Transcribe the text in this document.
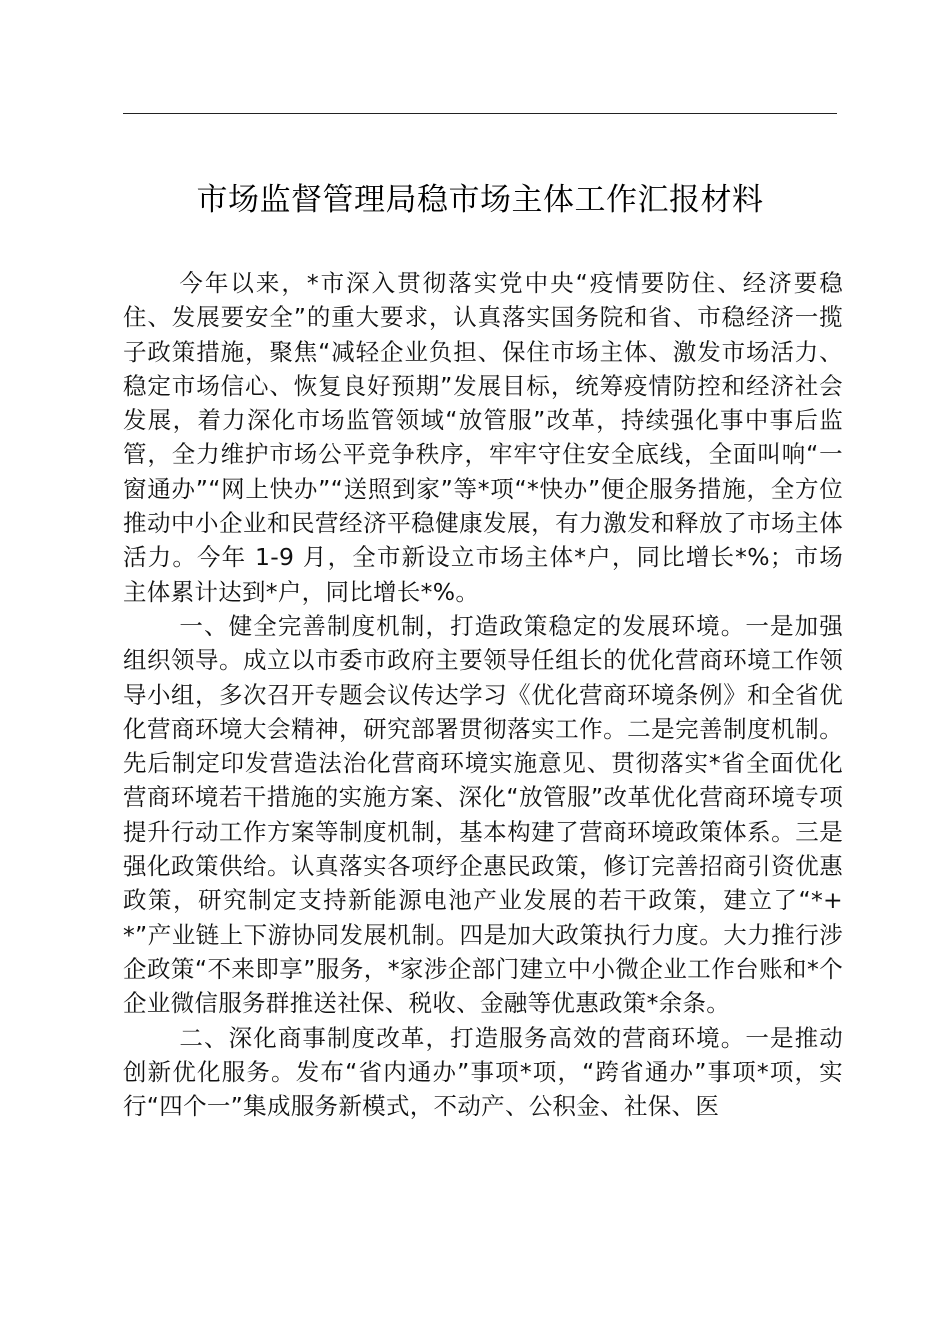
市场监督管理局稳市场主体工作汇报材料

今年以来，*市深入贯彻落实党中央“疫情要防住、经济要稳住、发展要安全”的重大要求，认真落实国务院和省、市稳经济一揽子政策措施，聚焦“减轻企业负担、保住市场主体、激发市场活力、稳定市场信心、恢复良好预期”发展目标，统筹疫情防控和经济社会发展，着力深化市场监管领域“放管服”改革，持续强化事中事后监管，全力维护市场公平竞争秩序，牢牢守住安全底线，全面叫响“一窗通办”“网上快办”“送照到家”等*项“*快办”便企服务措施，全方位推动中小企业和民营经济平稳健康发展，有力激发和释放了市场主体活力。今年 1-9 月，全市新设立市场主体*户，同比增长*%；市场主体累计达到*户，同比增长*%。

一、健全完善制度机制，打造政策稳定的发展环境。一是加强组织领导。成立以市委市政府主要领导任组长的优化营商环境工作领导小组，多次召开专题会议传达学习《优化营商环境条例》和全省优化营商环境大会精神，研究部署贯彻落实工作。二是完善制度机制。先后制定印发营造法治化营商环境实施意见、贯彻落实*省全面优化营商环境若干措施的实施方案、深化“放管服”改革优化营商环境专项提升行动工作方案等制度机制，基本构建了营商环境政策体系。三是强化政策供给。认真落实各项纾企惠民政策，修订完善招商引资优惠政策，研究制定支持新能源电池产业发展的若干政策，建立了“*+*”产业链上下游协同发展机制。四是加大政策执行力度。大力推行涉企政策“不来即享”服务，*家涉企部门建立中小微企业工作台账和*个企业微信服务群推送社保、税收、金融等优惠政策*余条。

二、深化商事制度改革，打造服务高效的营商环境。一是推动创新优化服务。发布“省内通办”事项*项，“跨省通办”事项*项，实行“四个一”集成服务新模式，不动产、公积金、社保、医
